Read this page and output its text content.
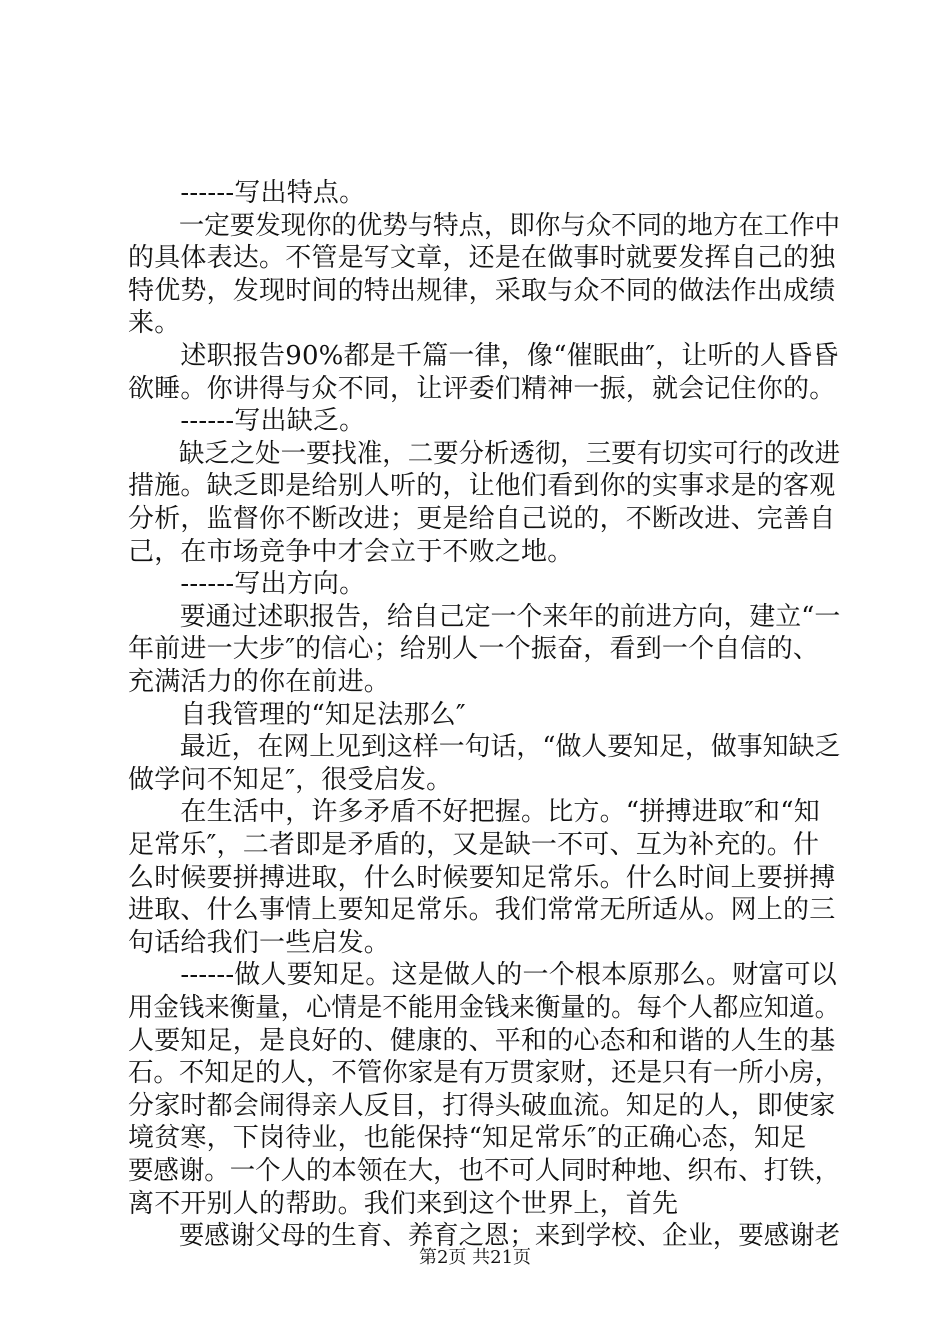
　　------写出特点。
　　一定要发现你的优势与特点，即你与众不同的地方在工作中
的具体表达。不管是写文章，还是在做事时就要发挥自己的独
特优势，发现时间的特出规律，采取与众不同的做法作出成绩
来。
　　述职报告90%都是千篇一律，像“催眠曲″，让听的人昏昏
欲睡。你讲得与众不同，让评委们精神一振，就会记住你的。
　　------写出缺乏。
　　缺乏之处一要找准，二要分析透彻，三要有切实可行的改进
措施。缺乏即是给别人听的，让他们看到你的实事求是的客观
分析，监督你不断改进；更是给自己说的，不断改进、完善自
己，在市场竞争中才会立于不败之地。
　　------写出方向。
　　要通过述职报告，给自己定一个来年的前进方向，建立“一
年前进一大步″的信心；给别人一个振奋，看到一个自信的、
充满活力的你在前进。
　　自我管理的“知足法那么″
　　最近，在网上见到这样一句话，“做人要知足，做事知缺乏
做学问不知足″，很受启发。
　　在生活中，许多矛盾不好把握。比方。“拼搏进取″和“知
足常乐″，二者即是矛盾的，又是缺一不可、互为补充的。什
么时候要拼搏进取，什么时候要知足常乐。什么时间上要拼搏
进取、什么事情上要知足常乐。我们常常无所适从。网上的三
句话给我们一些启发。
　　------做人要知足。这是做人的一个根本原那么。财富可以
用金钱来衡量，心情是不能用金钱来衡量的。每个人都应知道。
人要知足，是良好的、健康的、平和的心态和和谐的人生的基
石。不知足的人，不管你家是有万贯家财，还是只有一所小房，
分家时都会闹得亲人反目，打得头破血流。知足的人，即使家
境贫寒，下岗待业，也能保持“知足常乐″的正确心态，知足
要感谢。一个人的本领在大，也不可人同时种地、织布、打铁，
离不开别人的帮助。我们来到这个世界上，首先
　　要感谢父母的生育、养育之恩；来到学校、企业，要感谢老
第2页 共21页
